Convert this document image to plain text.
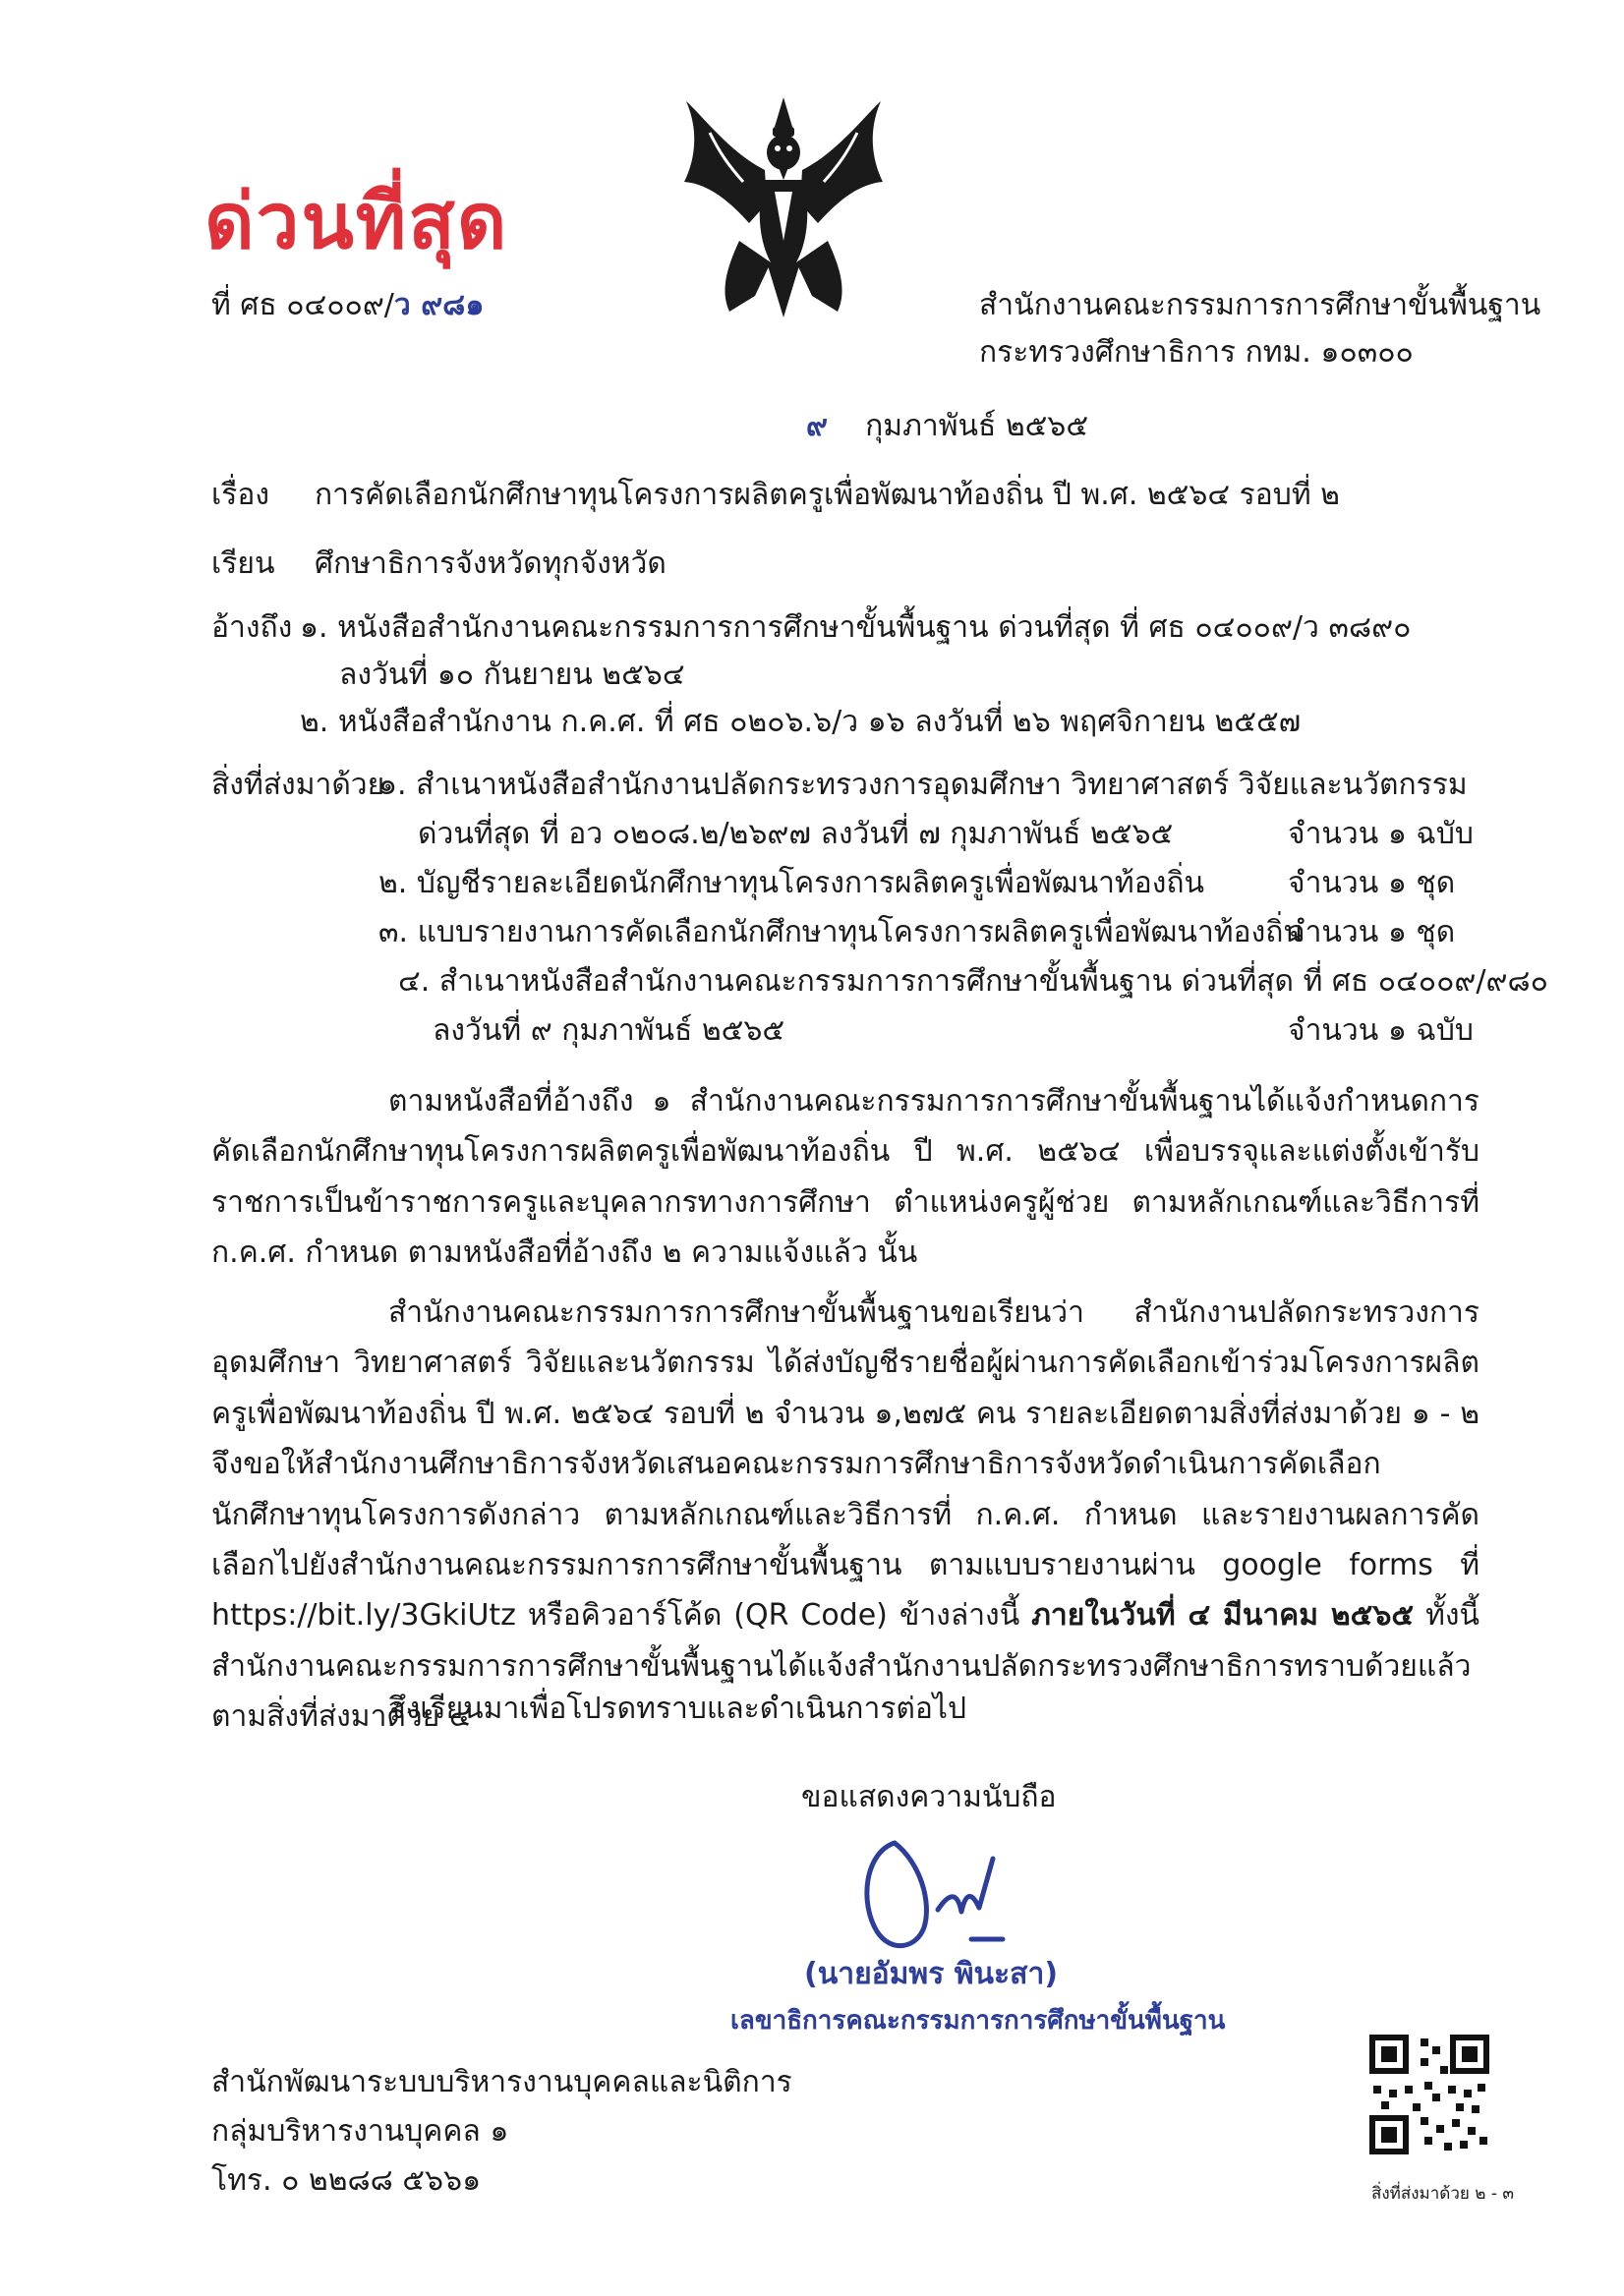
ด่วนที่สุด
ที่ ศธ ๐๔๐๐๙/ว ๙๘๑	สำนักงานคณะกรรมการการศึกษาขั้นพื้นฐาน
กระทรวงศึกษาธิการ กทม. ๑๐๓๐๐
๙ กุมภาพันธ์ ๒๕๖๕
เรื่อง การคัดเลือกนักศึกษาทุนโครงการผลิตครูเพื่อพัฒนาท้องถิ่น ปี พ.ศ. ๒๕๖๔ รอบที่ ๒
เรียน ศึกษาธิการจังหวัดทุกจังหวัด
อ้างถึง ๑. หนังสือสำนักงานคณะกรรมการการศึกษาขั้นพื้นฐาน ด่วนที่สุด ที่ ศธ ๐๔๐๐๙/ว ๓๘๙๐
ลงวันที่ ๑๐ กันยายน ๒๕๖๔
๒. หนังสือสำนักงาน ก.ค.ศ. ที่ ศธ ๐๒๐๖.๖/ว ๑๖ ลงวันที่ ๒๖ พฤศจิกายน ๒๕๕๗
สิ่งที่ส่งมาด้วย
๑. สำเนาหนังสือสำนักงานปลัดกระทรวงการอุดมศึกษา วิทยาศาสตร์ วิจัยและนวัตกรรม
ด่วนที่สุด ที่ อว ๐๒๐๘.๒/๒๖๙๗ ลงวันที่ ๗ กุมภาพันธ์ ๒๕๖๕	จำนวน ๑ ฉบับ
๒. บัญชีรายละเอียดนักศึกษาทุนโครงการผลิตครูเพื่อพัฒนาท้องถิ่น	จำนวน ๑ ชุด
๓. แบบรายงานการคัดเลือกนักศึกษาทุนโครงการผลิตครูเพื่อพัฒนาท้องถิ่น
จำนวน ๑ ชุด
๔. สำเนาหนังสือสำนักงานคณะกรรมการการศึกษาขั้นพื้นฐาน ด่วนที่สุด ที่ ศธ ๐๔๐๐๙/๙๘๐
ลงวันที่ ๙ กุมภาพันธ์ ๒๕๖๕	จำนวน ๑ ฉบับ
ตามหนังสือที่อ้างถึง ๑ สำนักงานคณะกรรมการการศึกษาขั้นพื้นฐานได้แจ้งกำหนดการคัดเลือกนักศึกษาทุนโครงการผลิตครูเพื่อพัฒนาท้องถิ่น ปี พ.ศ. ๒๕๖๔ เพื่อบรรจุและแต่งตั้งเข้ารับราชการเป็นข้าราชการครูและบุคลากรทางการศึกษา ตำแหน่งครูผู้ช่วย ตามหลักเกณฑ์และวิธีการที่ ก.ค.ศ. กำหนด ตามหนังสือที่อ้างถึง ๒ ความแจ้งแล้ว นั้น
สำนักงานคณะกรรมการการศึกษาขั้นพื้นฐานขอเรียนว่า สำนักงานปลัดกระทรวงการอุดมศึกษา วิทยาศาสตร์ วิจัยและนวัตกรรม ได้ส่งบัญชีรายชื่อผู้ผ่านการคัดเลือกเข้าร่วมโครงการผลิตครูเพื่อพัฒนาท้องถิ่น ปี พ.ศ. ๒๕๖๔ รอบที่ ๒ จำนวน ๑,๒๗๕ คน รายละเอียดตามสิ่งที่ส่งมาด้วย ๑ - ๒ จึงขอให้สำนักงานศึกษาธิการจังหวัดเสนอคณะกรรมการศึกษาธิการจังหวัดดำเนินการคัดเลือกนักศึกษาทุนโครงการดังกล่าว ตามหลักเกณฑ์และวิธีการที่ ก.ค.ศ. กำหนด และรายงานผลการคัดเลือกไปยังสำนักงานคณะกรรมการการศึกษาขั้นพื้นฐาน ตามแบบรายงานผ่าน google forms ที่ https://bit.ly/3GkiUtz หรือคิวอาร์โค้ด (QR Code) ข้างล่างนี้ ภายในวันที่ ๔ มีนาคม ๒๕๖๕ ทั้งนี้ สำนักงานคณะกรรมการการศึกษาขั้นพื้นฐานได้แจ้งสำนักงานปลัดกระทรวงศึกษาธิการทราบด้วยแล้ว ตามสิ่งที่ส่งมาด้วย ๔
จึงเรียนมาเพื่อโปรดทราบและดำเนินการต่อไป
ขอแสดงความนับถือ
(นายอัมพร พินะสา)
เลขาธิการคณะกรรมการการศึกษาขั้นพื้นฐาน
สำนักพัฒนาระบบบริหารงานบุคคลและนิติการ
กลุ่มบริหารงานบุคคล ๑
โทร. ๐ ๒๒๘๘ ๕๖๖๑	สิ่งที่ส่งมาด้วย ๒ - ๓
